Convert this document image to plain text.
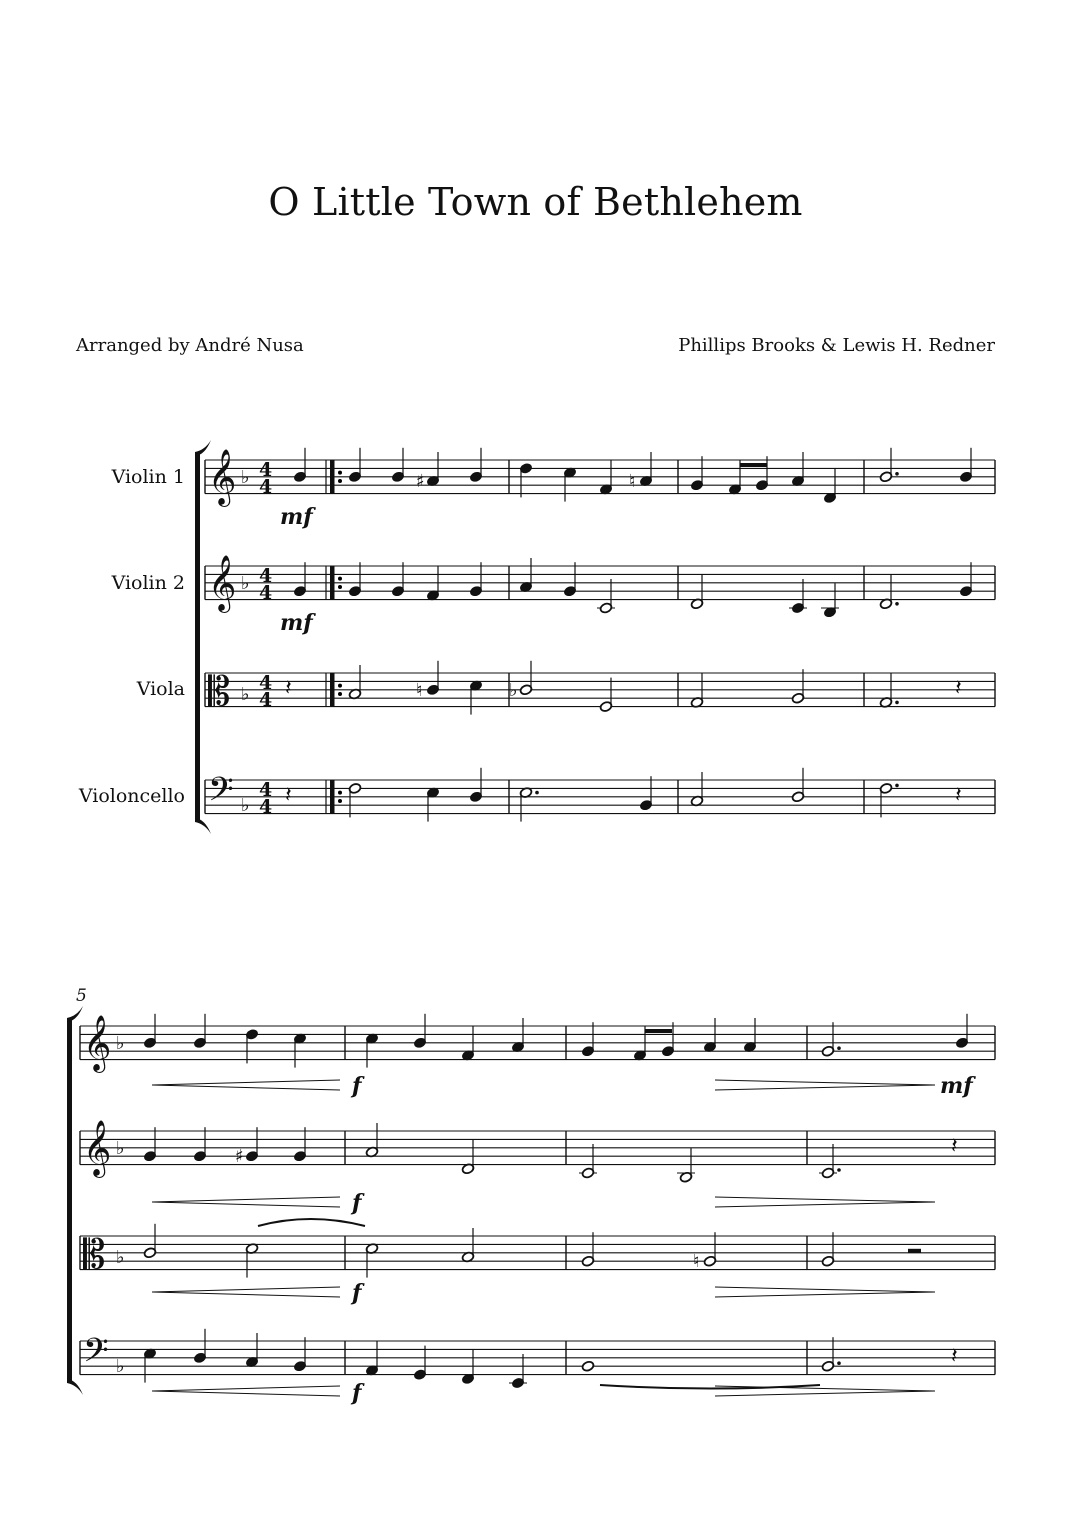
O Little Town of Bethlehem
Arranged by André Nusa	Phillips Brooks & Lewis H. Redner
Violin 1
Violin 2
Viola
Violoncello
5
𝄞 ♭ 4
4
𝄞 ♭ 4
4
𝄡 ♭
4
4
𝄢 ♭
4
4
𝄞 ♭
𝄞 ♭
𝄡 ♭
𝄢 ♭
♯	♮
𝄽	♮	♭	𝄽
𝄽	𝄽
♯	𝄽
♮
𝄽
mf
mf
f
f
f
f
mf
